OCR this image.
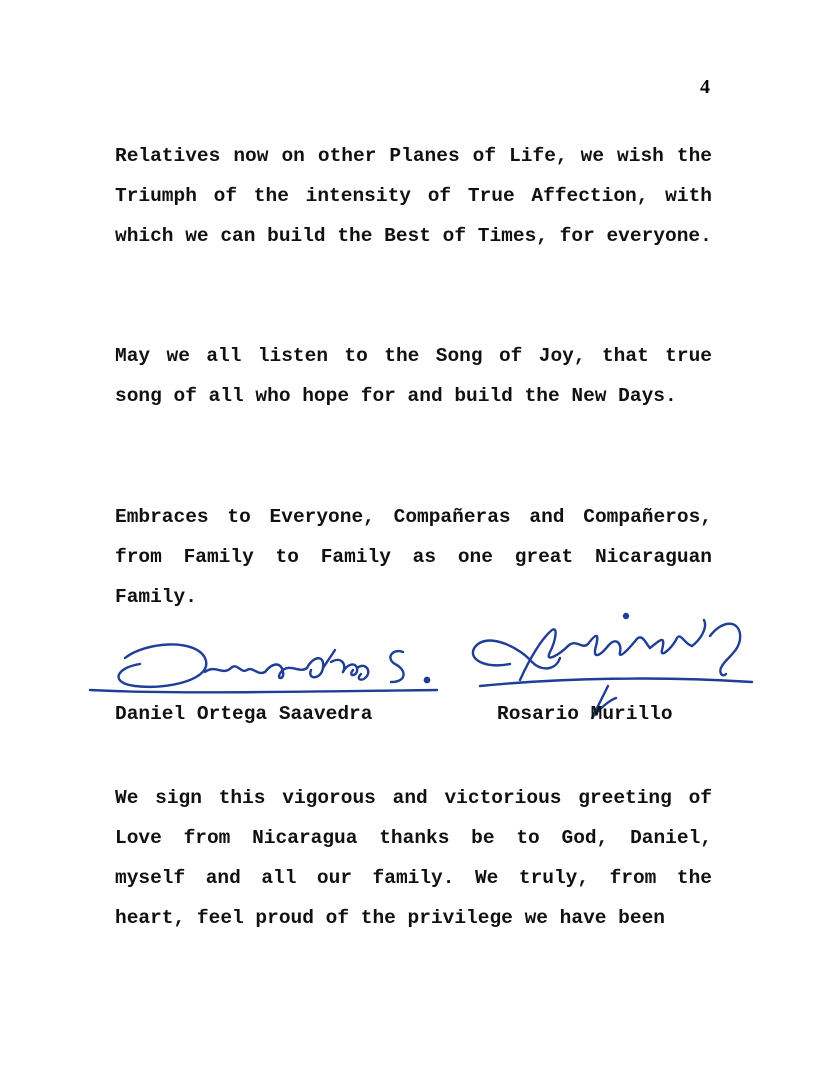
4

Relatives now on other Planes of Life, we wish the Triumph of the intensity of True Affection, with which we can build the Best of Times, for everyone.

May we all listen to the Song of Joy, that true song of all who hope for and build the New Days.

Embraces to Everyone, Compañeras and Compañeros, from Family to Family as one great Nicaraguan Family.

Daniel Ortega Saavedra	Rosario Murillo

We sign this vigorous and victorious greeting of Love from Nicaragua thanks be to God, Daniel, myself and all our family. We truly, from the heart, feel proud of the privilege we have been
